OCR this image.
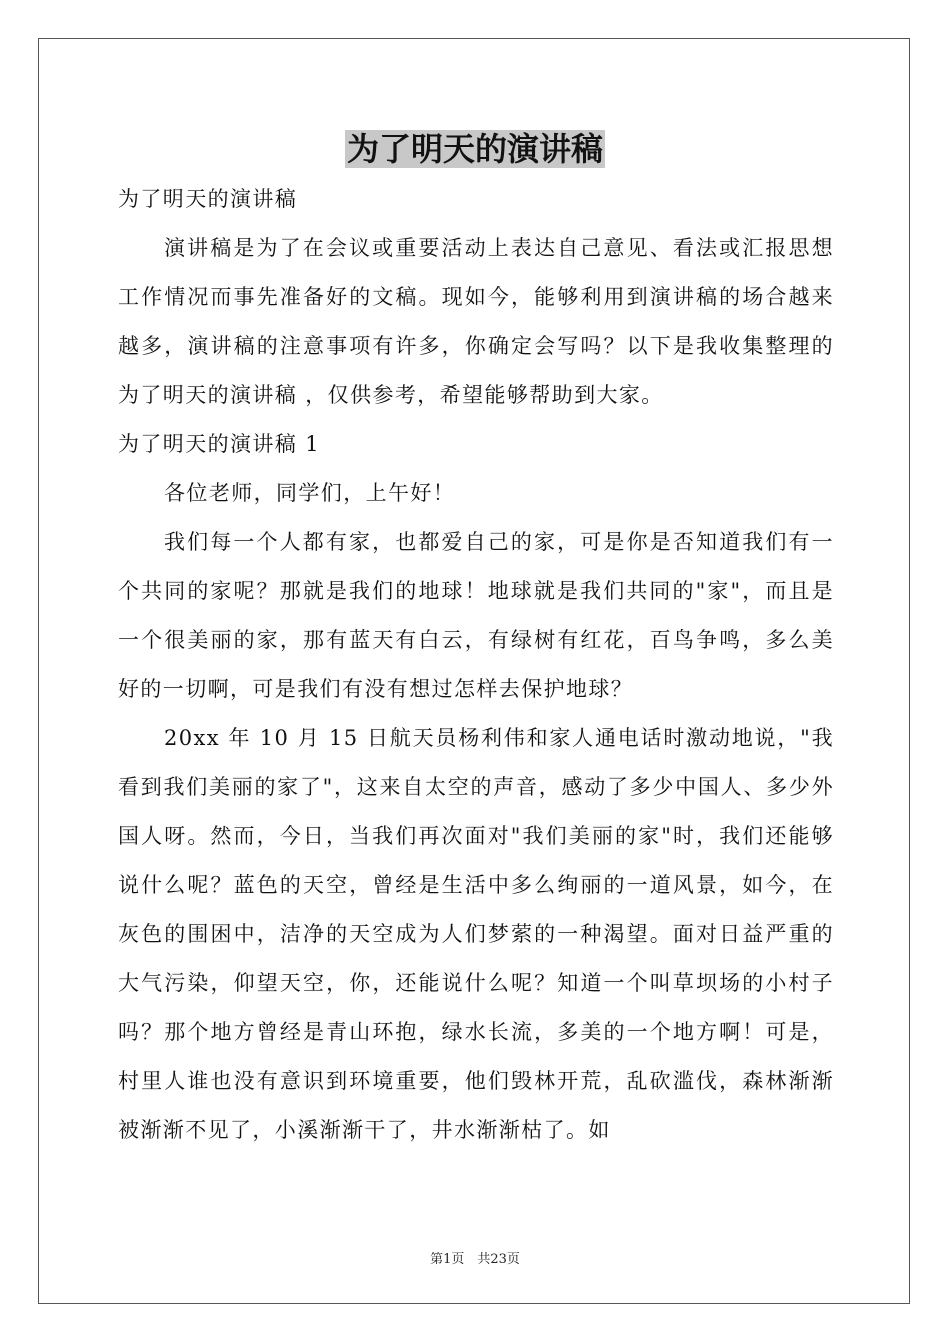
为了明天的演讲稿

为了明天的演讲稿

演讲稿是为了在会议或重要活动上表达自己意见、看法或汇报思想工作情况而事先准备好的文稿。现如今，能够利用到演讲稿的场合越来越多，演讲稿的注意事项有许多，你确定会写吗？以下是我收集整理的为了明天的演讲稿 ，仅供参考，希望能够帮助到大家。

为了明天的演讲稿 1

各位老师，同学们，上午好！

我们每一个人都有家，也都爱自己的家，可是你是否知道我们有一个共同的家呢？那就是我们的地球！地球就是我们共同的"家"，而且是一个很美丽的家，那有蓝天有白云，有绿树有红花，百鸟争鸣，多么美好的一切啊，可是我们有没有想过怎样去保护地球？

20xx 年 10 月 15 日航天员杨利伟和家人通电话时激动地说，"我看到我们美丽的家了"，这来自太空的声音，感动了多少中国人、多少外国人呀。然而，今日，当我们再次面对"我们美丽的家"时，我们还能够说什么呢？蓝色的天空，曾经是生活中多么绚丽的一道风景，如今，在灰色的围困中，洁净的天空成为人们梦萦的一种渴望。面对日益严重的大气污染，仰望天空，你，还能说什么呢？知道一个叫草坝场的小村子吗？那个地方曾经是青山环抱，绿水长流，多美的一个地方啊！可是，村里人谁也没有意识到环境重要，他们毁林开荒，乱砍滥伐，森林渐渐被渐渐不见了，小溪渐渐干了，井水渐渐枯了。如

第1页　共23页
